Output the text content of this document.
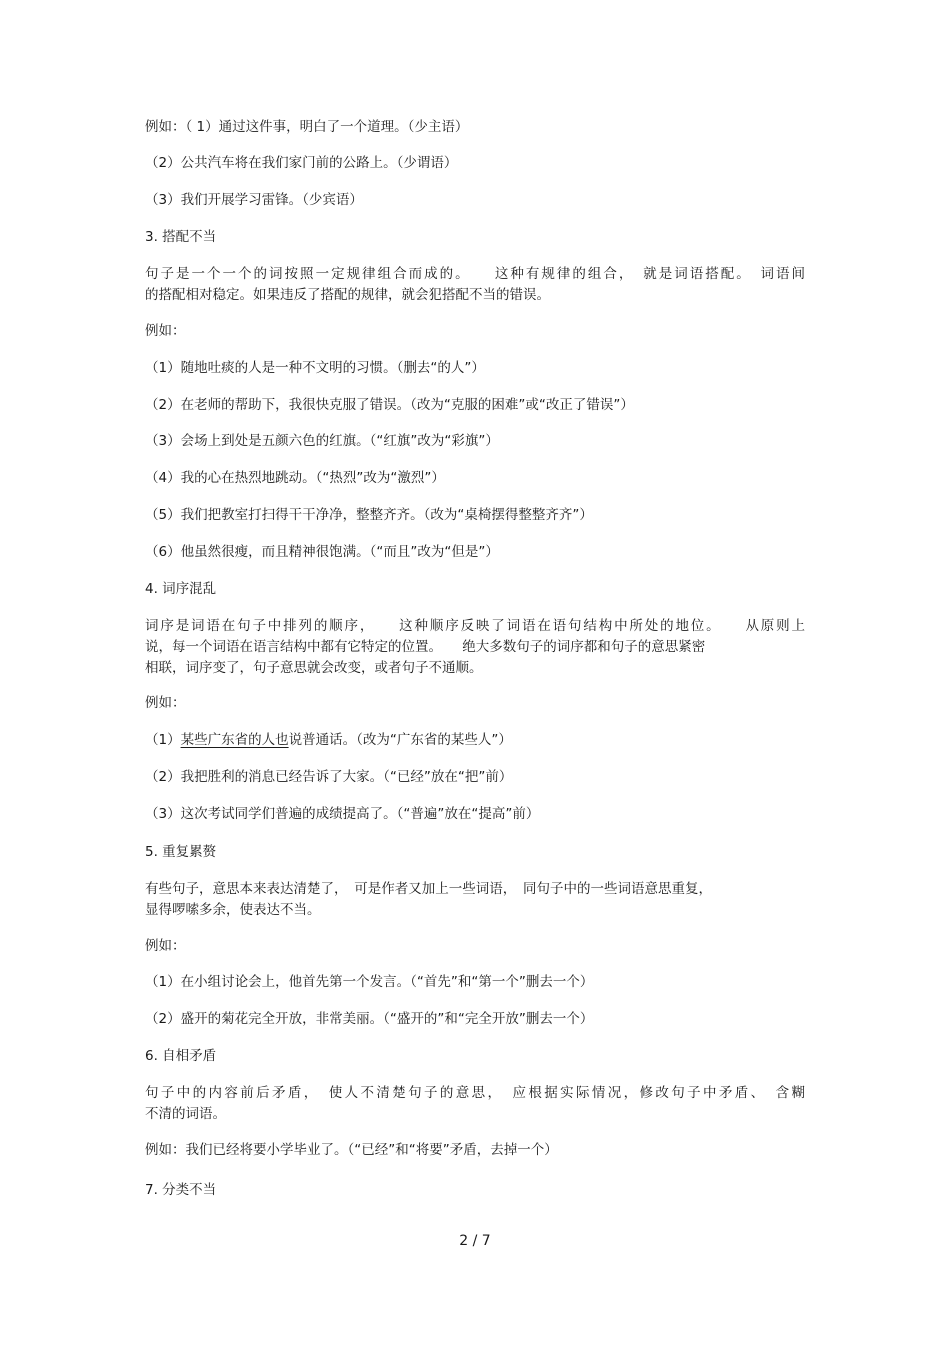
例如：（ 1）通过这件事，明白了一个道理。（少主语）
（2）公共汽车将在我们家门前的公路上。（少谓语）
（3）我们开展学习雷锋。（少宾语）
3. 搭配不当
句子是一个一个的词按照一定规律组合而成的。　　这种有规律的组合，　就是词语搭配。　词语间
的搭配相对稳定。如果违反了搭配的规律，就会犯搭配不当的错误。
例如：
（1）随地吐痰的人是一种不文明的习惯。（删去“的人”）
（2）在老师的帮助下，我很快克服了错误。（改为“克服的困难”或“改正了错误”）
（3）会场上到处是五颜六色的红旗。（“红旗”改为“彩旗”）
（4）我的心在热烈地跳动。（“热烈”改为“激烈”）
（5）我们把教室打扫得干干净净，整整齐齐。（改为“桌椅摆得整整齐齐”）
（6）他虽然很瘦，而且精神很饱满。（“而且”改为“但是”）
4. 词序混乱
词序是词语在句子中排列的顺序，　　这种顺序反映了词语在语句结构中所处的地位。　　从原则上
说，每一个词语在语言结构中都有它特定的位置。　　绝大多数句子的词序都和句子的意思紧密
相联，词序变了，句子意思就会改变，或者句子不通顺。
例如：
（1）某些广东省的人也说普通话。（改为“广东省的某些人”）
（2）我把胜利的消息已经告诉了大家。（“已经”放在“把”前）
（3）这次考试同学们普遍的成绩提高了。（“普遍”放在“提高”前）
5. 重复累赘
有些句子，意思本来表达清楚了，　可是作者又加上一些词语，　同句子中的一些词语意思重复，
显得啰嗦多余，使表达不当。
例如：
（1）在小组讨论会上，他首先第一个发言。（“首先”和“第一个”删去一个）
（2）盛开的菊花完全开放，非常美丽。（“盛开的”和“完全开放”删去一个）
6. 自相矛盾
句子中的内容前后矛盾，　使人不清楚句子的意思，　应根据实际情况，修改句子中矛盾、　含糊
不清的词语。
例如：我们已经将要小学毕业了。（“已经”和“将要”矛盾，去掉一个）
7. 分类不当
2 / 7
